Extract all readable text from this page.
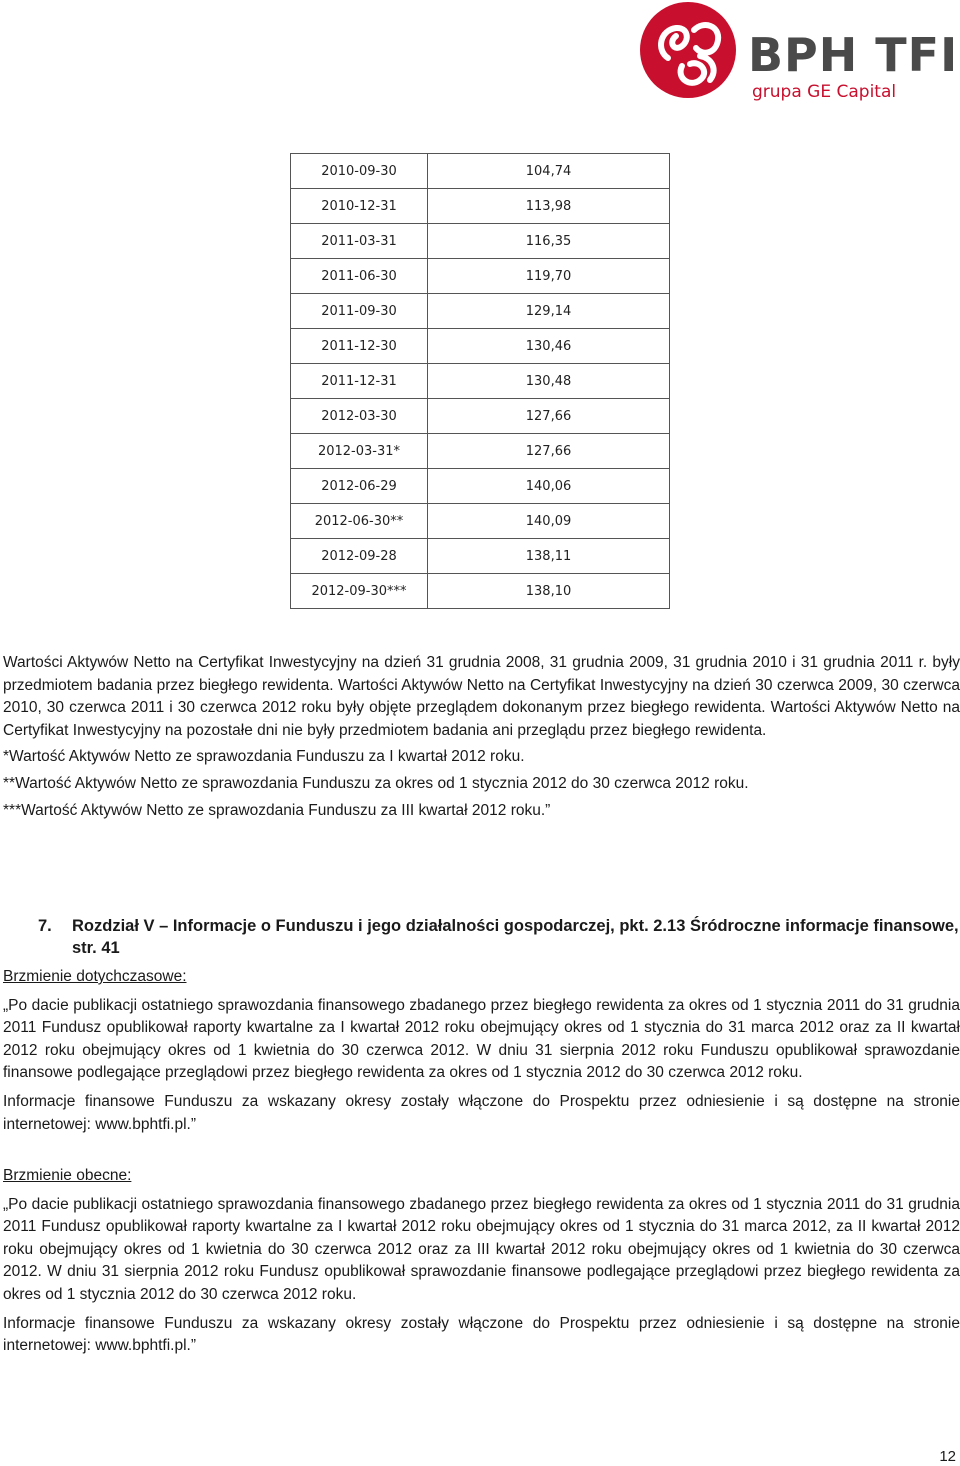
BPH TFI
grupa GE Capital
2010-09-30	104,74
2010-12-31	113,98
2011-03-31	116,35
2011-06-30	119,70
2011-09-30	129,14
2011-12-30	130,46
2011-12-31	130,48
2012-03-30	127,66
2012-03-31*	127,66
2012-06-29	140,06
2012-06-30**	140,09
2012-09-28	138,11
2012-09-30***	138,10

Wartości Aktywów Netto na Certyfikat Inwestycyjny na dzień 31 grudnia 2008, 31 grudnia 2009, 31 grudnia 2010 i 31 grudnia 2011 r. były przedmiotem badania przez biegłego rewidenta. Wartości Aktywów Netto na Certyfikat Inwestycyjny na dzień 30 czerwca 2009, 30 czerwca 2010, 30 czerwca 2011 i 30 czerwca 2012 roku były objęte przeglądem dokonanym przez biegłego rewidenta. Wartości Aktywów Netto na Certyfikat Inwestycyjny na pozostałe dni nie były przedmiotem badania ani przeglądu przez biegłego rewidenta.

*Wartość Aktywów Netto ze sprawozdania Funduszu za I kwartał 2012 roku.

**Wartość Aktywów Netto ze sprawozdania Funduszu za okres od 1 stycznia 2012 do 30 czerwca 2012 roku.

***Wartość Aktywów Netto ze sprawozdania Funduszu za III kwartał 2012 roku.”

7. Rozdział V – Informacje o Funduszu i jego działalności gospodarczej, pkt. 2.13 Śródroczne informacje finansowe, str. 41

Brzmienie dotychczasowe:

„Po dacie publikacji ostatniego sprawozdania finansowego zbadanego przez biegłego rewidenta za okres od 1 stycznia 2011 do 31 grudnia 2011 Fundusz opublikował raporty kwartalne za I kwartał 2012 roku obejmujący okres od 1 stycznia do 31 marca 2012 oraz za II kwartał 2012 roku obejmujący okres od 1 kwietnia do 30 czerwca 2012. W dniu 31 sierpnia 2012 roku Funduszu opublikował sprawozdanie finansowe podlegające przeglądowi przez biegłego rewidenta za okres od 1 stycznia 2012 do 30 czerwca 2012 roku.

Informacje finansowe Funduszu za wskazany okresy zostały włączone do Prospektu przez odniesienie i są dostępne na stronie internetowej: www.bphtfi.pl.”

Brzmienie obecne:

„Po dacie publikacji ostatniego sprawozdania finansowego zbadanego przez biegłego rewidenta za okres od 1 stycznia 2011 do 31 grudnia 2011 Fundusz opublikował raporty kwartalne za I kwartał 2012 roku obejmujący okres od 1 stycznia do 31 marca 2012, za II kwartał 2012 roku obejmujący okres od 1 kwietnia do 30 czerwca 2012 oraz za III kwartał 2012 roku obejmujący okres od 1 kwietnia do 30 czerwca 2012. W dniu 31 sierpnia 2012 roku Fundusz opublikował sprawozdanie finansowe podlegające przeglądowi przez biegłego rewidenta za okres od 1 stycznia 2012 do 30 czerwca 2012 roku.

Informacje finansowe Funduszu za wskazany okresy zostały włączone do Prospektu przez odniesienie i są dostępne na stronie internetowej: www.bphtfi.pl.”

12
